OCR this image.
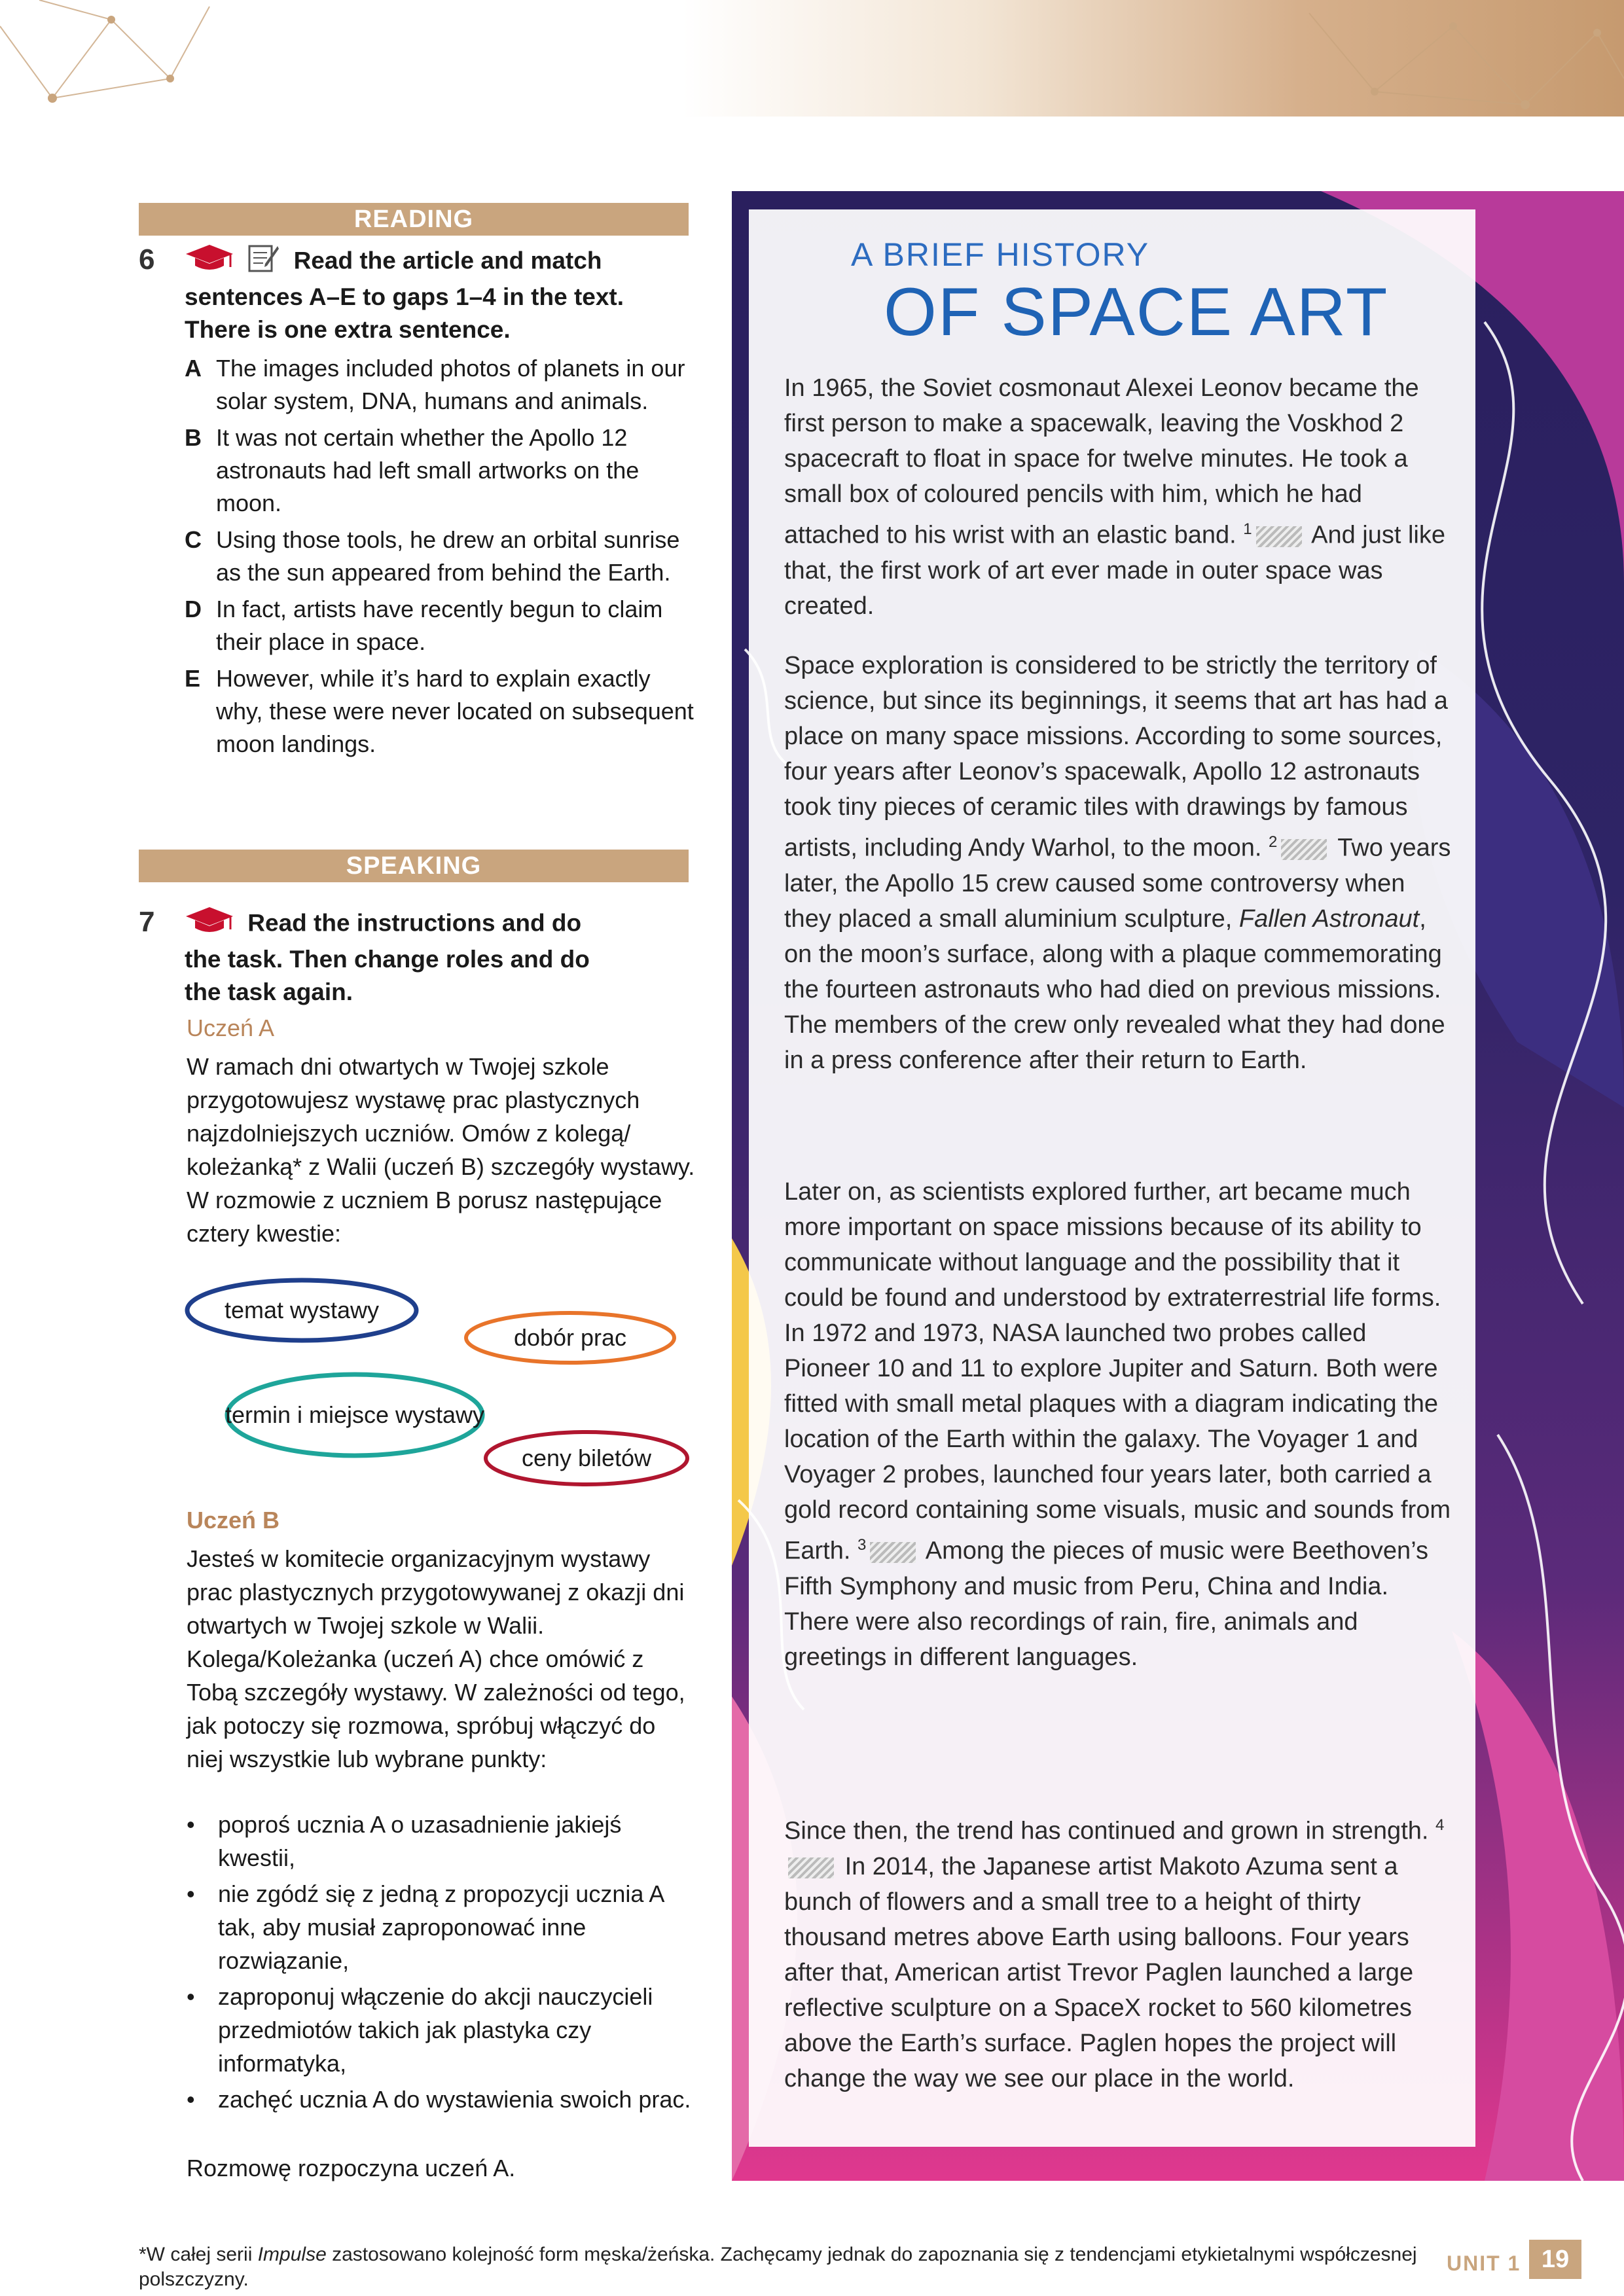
READING
6	Read the article and match
sentences A–E to gaps 1–4 in the text.
There is one extra sentence.
A The images included photos of planets in our solar system, DNA, humans and animals.
B It was not certain whether the Apollo 12 astronauts had left small artworks on the moon.
C Using those tools, he drew an orbital sunrise as the sun appeared from behind the Earth.
D In fact, artists have recently begun to claim their place in space.
E However, while it’s hard to explain exactly why, these were never located on subsequent moon landings.
SPEAKING
7	Read the instructions and do
the task. Then change roles and do
the task again.
Uczeń A
W ramach dni otwartych w Twojej szkole przygotowujesz wystawę prac plastycznych najzdolniejszych uczniów. Omów z kolegą/ koleżanką* z Walii (uczeń B) szczegóły wystawy. W rozmowie z uczniem B porusz następujące cztery kwestie:
temat wystawy
dobór prac
termin i miejsce wystawy
ceny biletów
Uczeń B
Jesteś w komitecie organizacyjnym wystawy prac plastycznych przygotowywanej z okazji dni otwartych w Twojej szkole w Walii. Kolega/Koleżanka (uczeń A) chce omówić z Tobą szczegóły wystawy. W zależności od tego, jak potoczy się rozmowa, spróbuj włączyć do niej wszystkie lub wybrane punkty:
• poproś ucznia A o uzasadnienie jakiejś kwestii,
• nie zgódź się z jedną z propozycji ucznia A tak, aby musiał zaproponować inne rozwiązanie,
• zaproponuj włączenie do akcji nauczycieli przedmiotów takich jak plastyka czy informatyka,
• zachęć ucznia A do wystawienia swoich prac.
Rozmowę rozpoczyna uczeń A.
*W całej serii Impulse zastosowano kolejność form męska/żeńska. Zachęcamy jednak do zapoznania się z tendencjami etykietalnymi współczesnej polszczyzny.
UNIT 1 19
A BRIEF HISTORY
OF SPACE ART
In 1965, the Soviet cosmonaut Alexei Leonov became the first person to make a spacewalk, leaving the Voskhod 2 spacecraft to float in space for twelve minutes. He took a small box of coloured pencils with him, which he had attached to his wrist with an elastic band. $^1$ And just like that, the first work of art ever made in outer space was created.
Space exploration is considered to be strictly the territory of science, but since its beginnings, it seems that art has had a place on many space missions. According to some sources, four years after Leonov’s spacewalk, Apollo 12 astronauts took tiny pieces of ceramic tiles with drawings by famous artists, including Andy Warhol, to the moon. $^2$ Two years later, the Apollo 15 crew caused some controversy when they placed a small aluminium sculpture, Fallen Astronaut, on the moon’s surface, along with a plaque commemorating the fourteen astronauts who had died on previous missions. The members of the crew only revealed what they had done in a press conference after their return to Earth.
Later on, as scientists explored further, art became much more important on space missions because of its ability to communicate without language and the possibility that it could be found and understood by extraterrestrial life forms.
In 1972 and 1973, NASA launched two probes called Pioneer 10 and 11 to explore Jupiter and Saturn. Both were fitted with small metal plaques with a diagram indicating the location of the Earth within the galaxy. The Voyager 1 and Voyager 2 probes, launched four years later, both carried a gold record containing some visuals, music and sounds from Earth. $^3$ Among the pieces of music were Beethoven’s Fifth Symphony and music from Peru, China and India. There were also recordings of rain, fire, animals and greetings in different languages.
Since then, the trend has continued and grown in strength. $^4$ In 2014, the Japanese artist Makoto Azuma sent a bunch of flowers and a small tree to a height of thirty thousand metres above Earth using balloons. Four years after that, American artist Trevor Paglen launched a large reflective sculpture on a SpaceX rocket to 560 kilometres above the Earth’s surface. Paglen hopes the project will change the way we see our place in the world.
